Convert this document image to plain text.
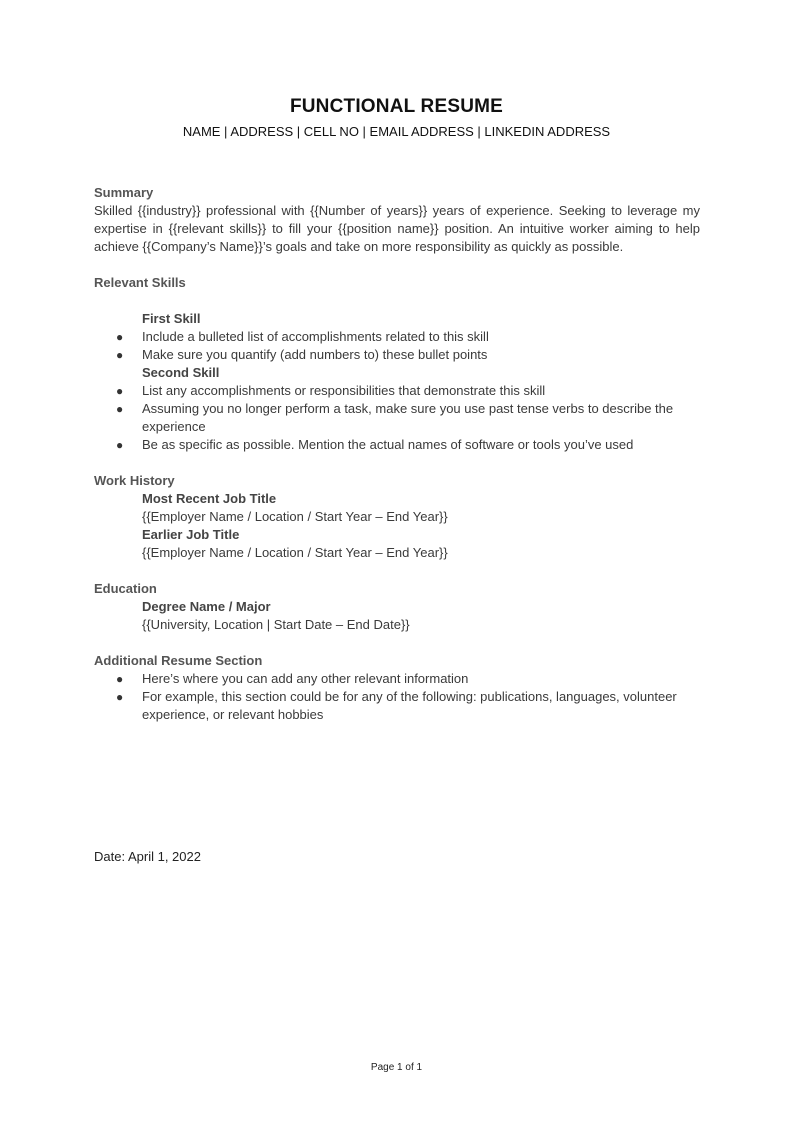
FUNCTIONAL RESUME
NAME | ADDRESS | CELL NO | EMAIL ADDRESS | LINKEDIN ADDRESS
Summary
Skilled {{industry}} professional with {{Number of years}} years of experience. Seeking to leverage my expertise in {{relevant skills}} to fill your {{position name}} position. An intuitive worker aiming to help achieve {{Company’s Name}}’s goals and take on more responsibility as quickly as possible.
Relevant Skills
First Skill
● Include a bulleted list of accomplishments related to this skill
● Make sure you quantify (add numbers to) these bullet points
Second Skill
● List any accomplishments or responsibilities that demonstrate this skill
● Assuming you no longer perform a task, make sure you use past tense verbs to describe the experience
● Be as specific as possible. Mention the actual names of software or tools you’ve used
Work History
Most Recent Job Title
{{Employer Name / Location / Start Year – End Year}}
Earlier Job Title
{{Employer Name / Location / Start Year – End Year}}
Education
Degree Name / Major
{{University, Location | Start Date – End Date}}
Additional Resume Section
● Here’s where you can add any other relevant information
● For example, this section could be for any of the following: publications, languages, volunteer experience, or relevant hobbies
Date: April 1, 2022
Page 1 of 1
